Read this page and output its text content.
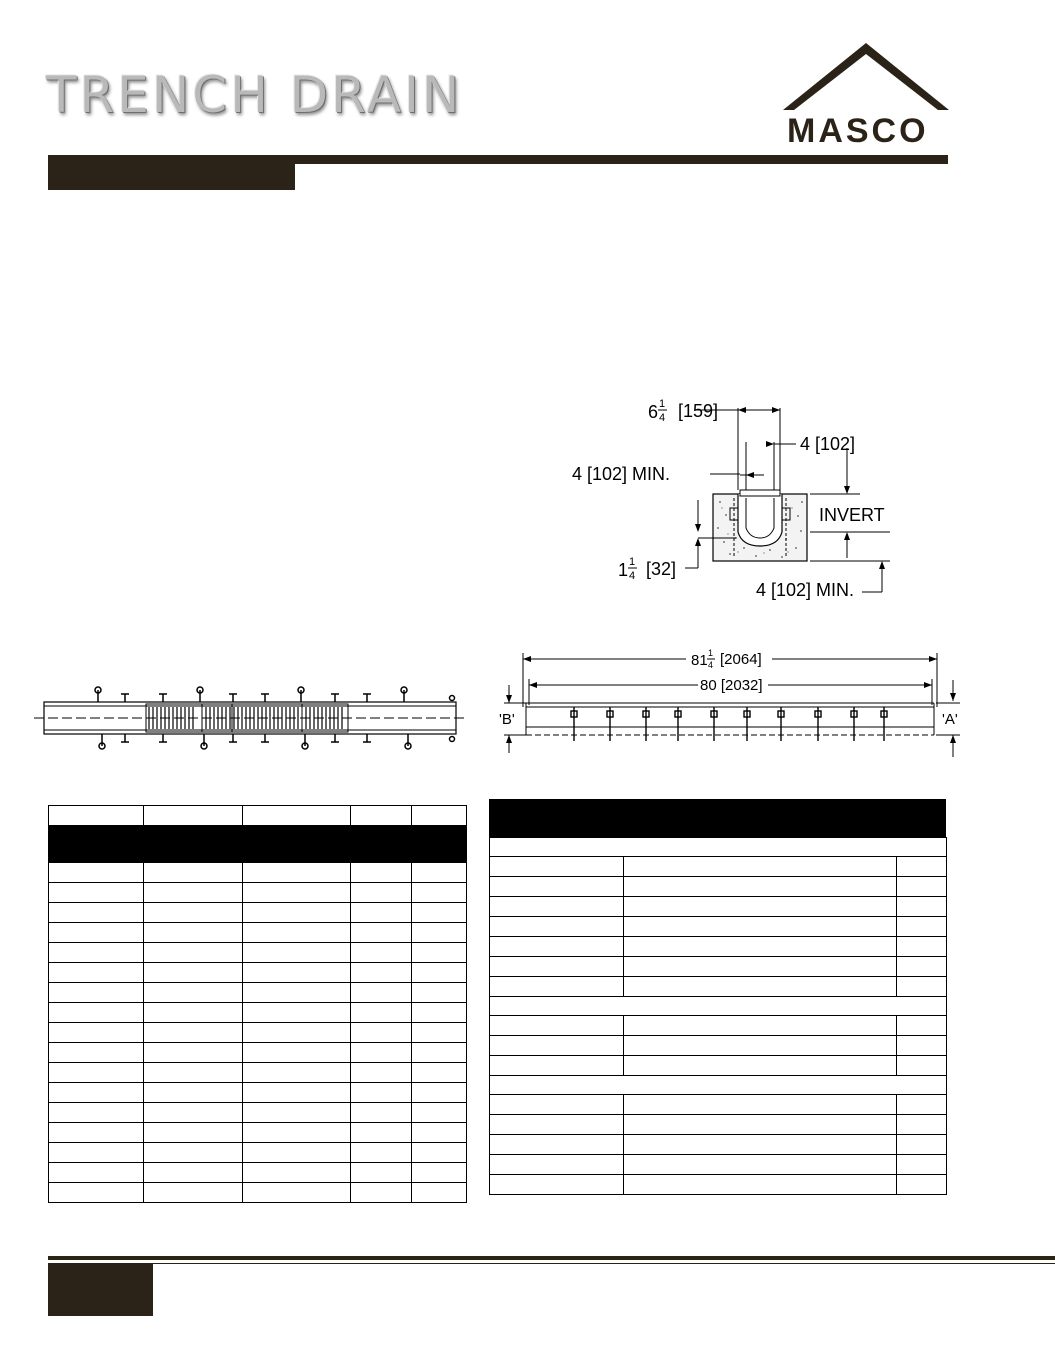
TRENCH DRAIN
MASCO
6 1
4 [159]
4 [102]
4 [102] MIN.
INVERT
1 1
4 [32]
4 [102] MIN.
81 1
4 [2064]
80 [2032]
'B'	'A'
